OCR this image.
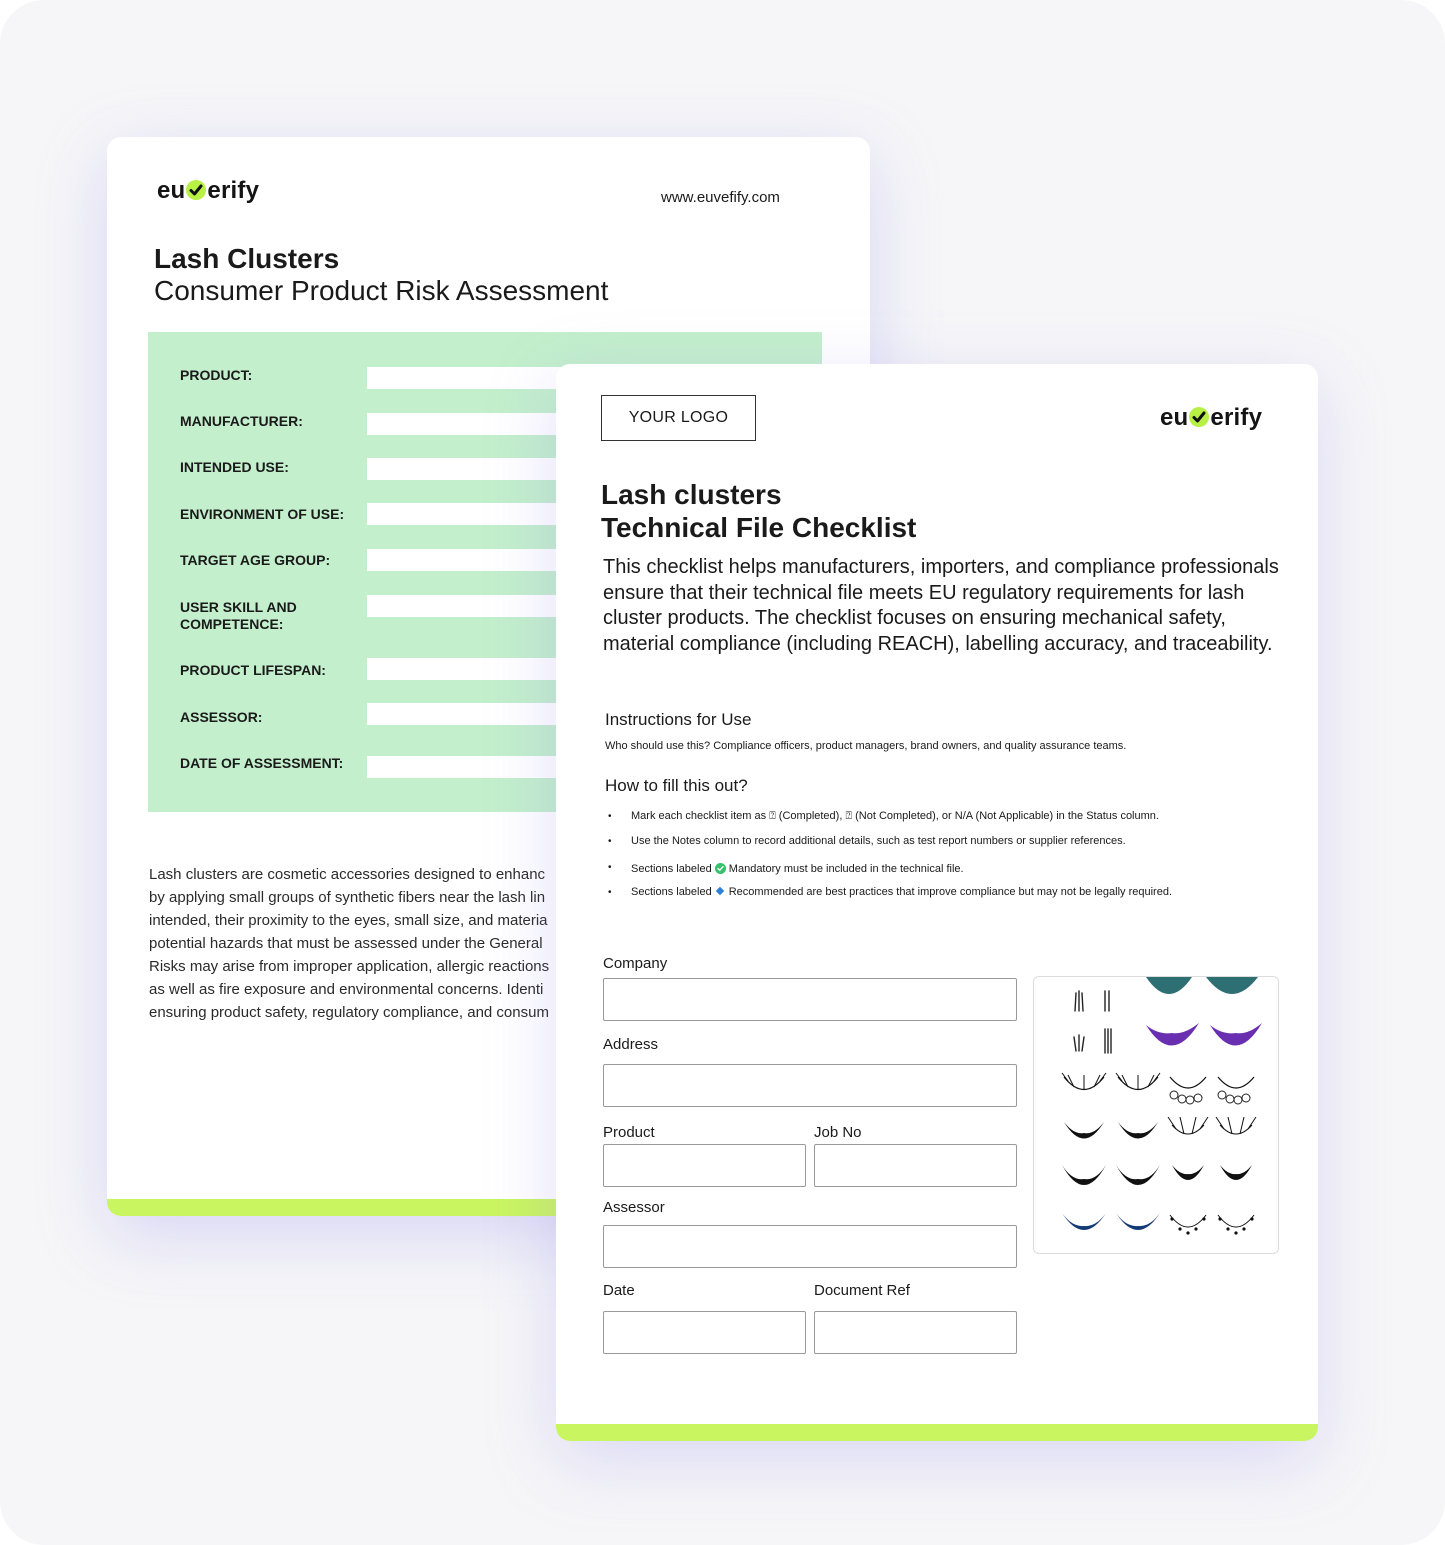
eu erify	www.euvefify.com
Lash Clusters
Consumer Product Risk Assessment
PRODUCT:
MANUFACTURER:
INTENDED USE:
ENVIRONMENT OF USE:
TARGET AGE GROUP:
USER SKILL AND COMPETENCE:
PRODUCT LIFESPAN:
ASSESSOR:
DATE OF ASSESSMENT:
Lash clusters are cosmetic accessories designed to enhanc
by applying small groups of synthetic fibers near the lash lin
intended, their proximity to the eyes, small size, and materia
potential hazards that must be assessed under the General
Risks may arise from improper application, allergic reactions
as well as fire exposure and environmental concerns. Identi
ensuring product safety, regulatory compliance, and consum
YOUR LOGO	eu erify
Lash clusters
Technical File Checklist
This checklist helps manufacturers, importers, and compliance professionals ensure that their technical file meets EU regulatory requirements for lash cluster products. The checklist focuses on ensuring mechanical safety, material compliance (including REACH), labelling accuracy, and traceability.
Instructions for Use
Who should use this? Compliance officers, product managers, brand owners, and quality assurance teams.
How to fill this out?
• Mark each checklist item as ⍰ (Completed), ⍰ (Not Completed), or N/A (Not Applicable) in the Status column.
• Use the Notes column to record additional details, such as test report numbers or supplier references.
• Sections labeled Mandatory must be included in the technical file.
• Sections labeled Recommended are best practices that improve compliance but may not be legally required.
Company
Address
Product	Job No
Assessor
Date	Document Ref
